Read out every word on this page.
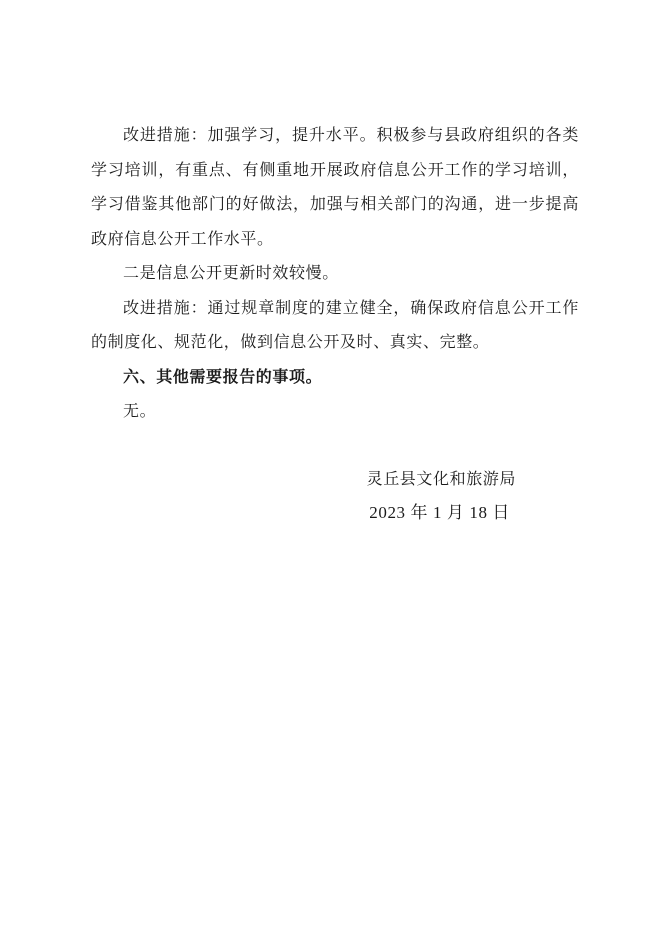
改进措施：加强学习，提升水平。积极参与县政府组织的各类学习培训，有重点、有侧重地开展政府信息公开工作的学习培训，学习借鉴其他部门的好做法，加强与相关部门的沟通，进一步提高政府信息公开工作水平。

二是信息公开更新时效较慢。

改进措施：通过规章制度的建立健全，确保政府信息公开工作的制度化、规范化，做到信息公开及时、真实、完整。

六、其他需要报告的事项。

无。

灵丘县文化和旅游局

2023 年 1 月 18 日
